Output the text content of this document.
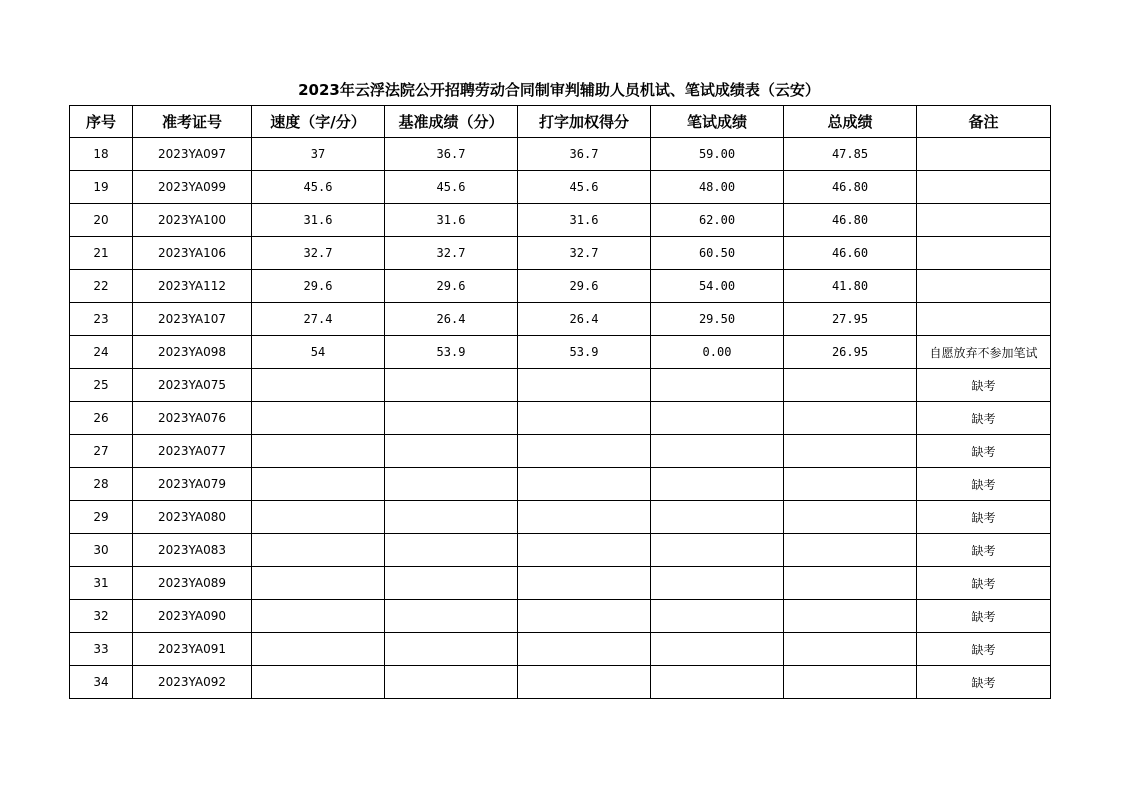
2023年云浮法院公开招聘劳动合同制审判辅助人员机试、笔试成绩表（云安）
序号	准考证号	速度（字/分）	基准成绩（分）	打字加权得分	笔试成绩	总成绩	备注
18	2023YA097	37	36.7	36.7	59.00	47.85	
19	2023YA099	45.6	45.6	45.6	48.00	46.80	
20	2023YA100	31.6	31.6	31.6	62.00	46.80	
21	2023YA106	32.7	32.7	32.7	60.50	46.60	
22	2023YA112	29.6	29.6	29.6	54.00	41.80	
23	2023YA107	27.4	26.4	26.4	29.50	27.95	
24	2023YA098	54	53.9	53.9	0.00	26.95	自愿放弃不参加笔试
25	2023YA075						缺考
26	2023YA076						缺考
27	2023YA077						缺考
28	2023YA079						缺考
29	2023YA080						缺考
30	2023YA083						缺考
31	2023YA089						缺考
32	2023YA090						缺考
33	2023YA091						缺考
34	2023YA092						缺考
